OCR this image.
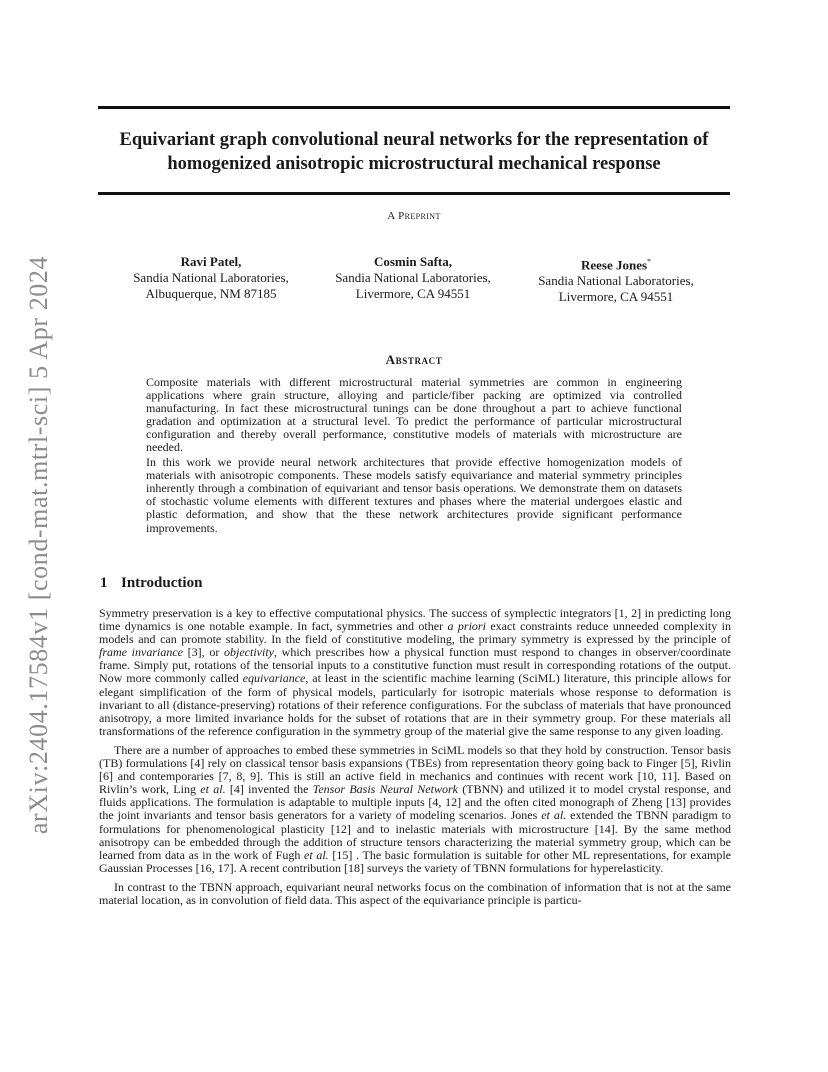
arXiv:2404.17584v1 [cond-mat.mtrl-sci] 5 Apr 2024
Equivariant graph convolutional neural networks for the representation of
homogenized anisotropic microstructural mechanical response
A Preprint
Ravi Patel,
Sandia National Laboratories,
Albuquerque, NM 87185
Cosmin Safta,
Sandia National Laboratories,
Livermore, CA 94551
Reese Jones*
Sandia National Laboratories,
Livermore, CA 94551
Abstract

Composite materials with different microstructural material symmetries are common in engineering applications where grain structure, alloying and particle/fiber packing are optimized via controlled manufacturing. In fact these microstructural tunings can be done throughout a part to achieve functional gradation and optimization at a structural level. To predict the performance of particular microstructural configuration and thereby overall performance, constitutive models of materials with microstructure are needed.

In this work we provide neural network architectures that provide effective homogenization models of materials with anisotropic components. These models satisfy equivariance and material symmetry principles inherently through a combination of equivariant and tensor basis operations. We demonstrate them on datasets of stochastic volume elements with different textures and phases where the material undergoes elastic and plastic deformation, and show that the these network architectures provide significant performance improvements.

1 Introduction

Symmetry preservation is a key to effective computational physics. The success of symplectic integrators [1, 2] in predicting long time dynamics is one notable example. In fact, symmetries and other a priori exact constraints reduce unneeded complexity in models and can promote stability. In the field of constitutive modeling, the primary symmetry is expressed by the principle of frame invariance [3], or objectivity, which prescribes how a physical function must respond to changes in observer/coordinate frame. Simply put, rotations of the tensorial inputs to a constitutive function must result in corresponding rotations of the output. Now more commonly called equivariance, at least in the scientific machine learning (SciML) literature, this principle allows for elegant simplification of the form of physical models, particularly for isotropic materials whose response to deformation is invariant to all (distance-preserving) rotations of their reference configurations. For the subclass of materials that have pronounced anisotropy, a more limited invariance holds for the subset of rotations that are in their symmetry group. For these materials all transformations of the reference configuration in the symmetry group of the material give the same response to any given loading.

There are a number of approaches to embed these symmetries in SciML models so that they hold by construction. Tensor basis (TB) formulations [4] rely on classical tensor basis expansions (TBEs) from representation theory going back to Finger [5], Rivlin [6] and contemporaries [7, 8, 9]. This is still an active field in mechanics and continues with recent work [10, 11]. Based on Rivlin’s work, Ling et al. [4] invented the Tensor Basis Neural Network (TBNN) and utilized it to model crystal response, and fluids applications. The formulation is adaptable to multiple inputs [4, 12] and the often cited monograph of Zheng [13] provides the joint invariants and tensor basis generators for a variety of modeling scenarios. Jones et al. extended the TBNN paradigm to formulations for phenomenological plasticity [12] and to inelastic materials with microstructure [14]. By the same method anisotropy can be embedded through the addition of structure tensors characterizing the material symmetry group, which can be learned from data as in the work of Fugh et al. [15] . The basic formulation is suitable for other ML representations, for example Gaussian Processes [16, 17]. A recent contribution [18] surveys the variety of TBNN formulations for hyperelasticity.

In contrast to the TBNN approach, equivariant neural networks focus on the combination of information that is not at the same material location, as in convolution of field data. This aspect of the equivariance principle is particu-
